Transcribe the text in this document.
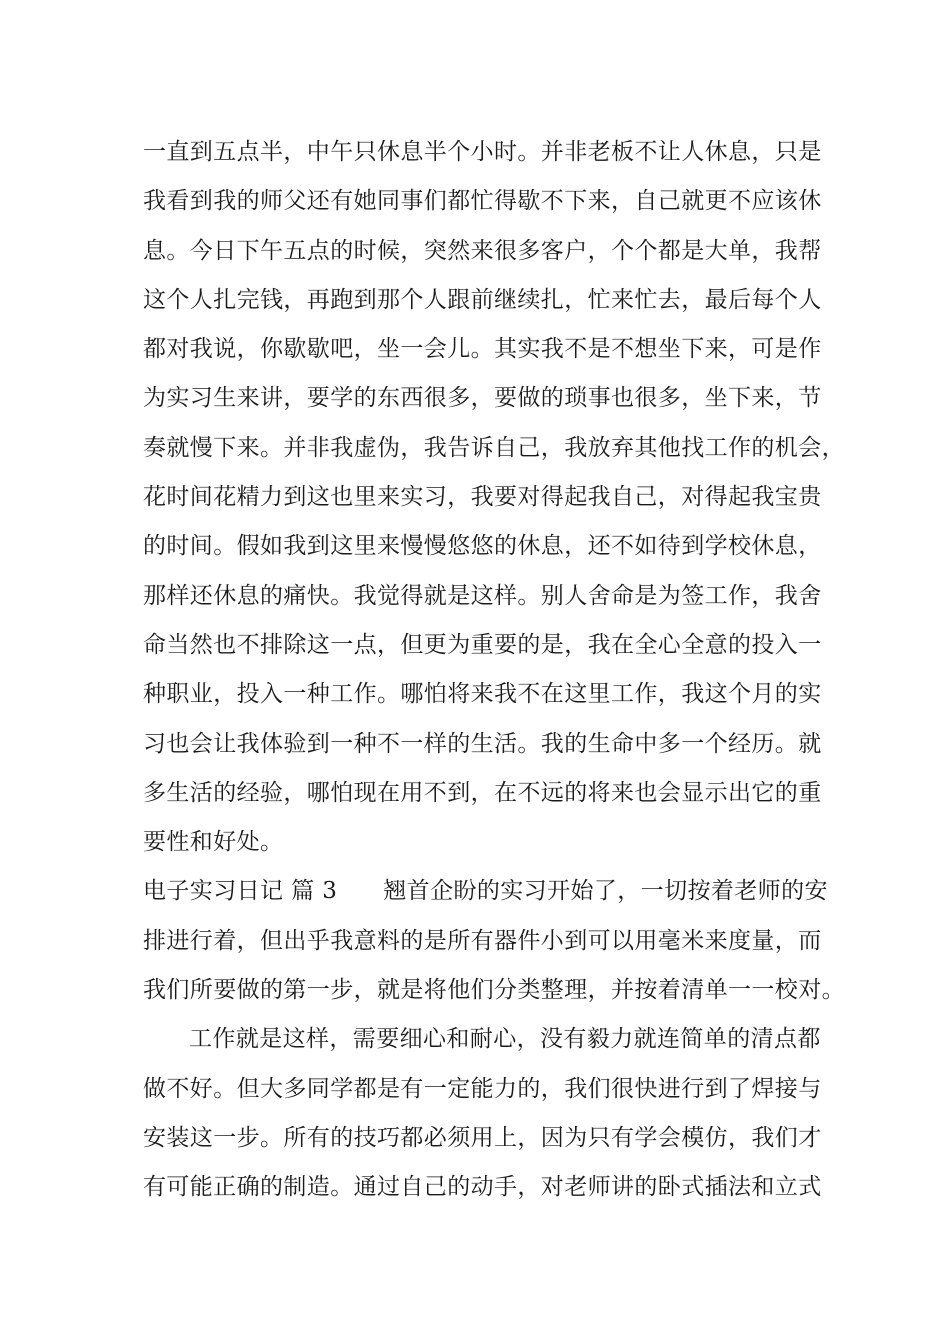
一直到五点半，中午只休息半个小时。并非老板不让人休息，只是
我看到我的师父还有她同事们都忙得歇不下来，自己就更不应该休
息。今日下午五点的时候，突然来很多客户，个个都是大单，我帮
这个人扎完钱，再跑到那个人跟前继续扎，忙来忙去，最后每个人
都对我说，你歇歇吧，坐一会儿。其实我不是不想坐下来，可是作
为实习生来讲，要学的东西很多，要做的琐事也很多，坐下来，节
奏就慢下来。并非我虚伪，我告诉自己，我放弃其他找工作的机会，
花时间花精力到这也里来实习，我要对得起我自己，对得起我宝贵
的时间。假如我到这里来慢慢悠悠的休息，还不如待到学校休息，
那样还休息的痛快。我觉得就是这样。别人舍命是为签工作，我舍
命当然也不排除这一点，但更为重要的是，我在全心全意的投入一
种职业，投入一种工作。哪怕将来我不在这里工作，我这个月的实
习也会让我体验到一种不一样的生活。我的生命中多一个经历。就
多生活的经验，哪怕现在用不到，在不远的将来也会显示出它的重
要性和好处。
电子实习日记 篇 3 翘首企盼的实习开始了，一切按着老师的安
排进行着，但出乎我意料的是所有器件小到可以用毫米来度量，而
我们所要做的第一步，就是将他们分类整理，并按着清单一一校对。
工作就是这样，需要细心和耐心，没有毅力就连简单的清点都
做不好。但大多同学都是有一定能力的，我们很快进行到了焊接与
安装这一步。所有的技巧都必须用上，因为只有学会模仿，我们才
有可能正确的制造。通过自己的动手，对老师讲的卧式插法和立式
